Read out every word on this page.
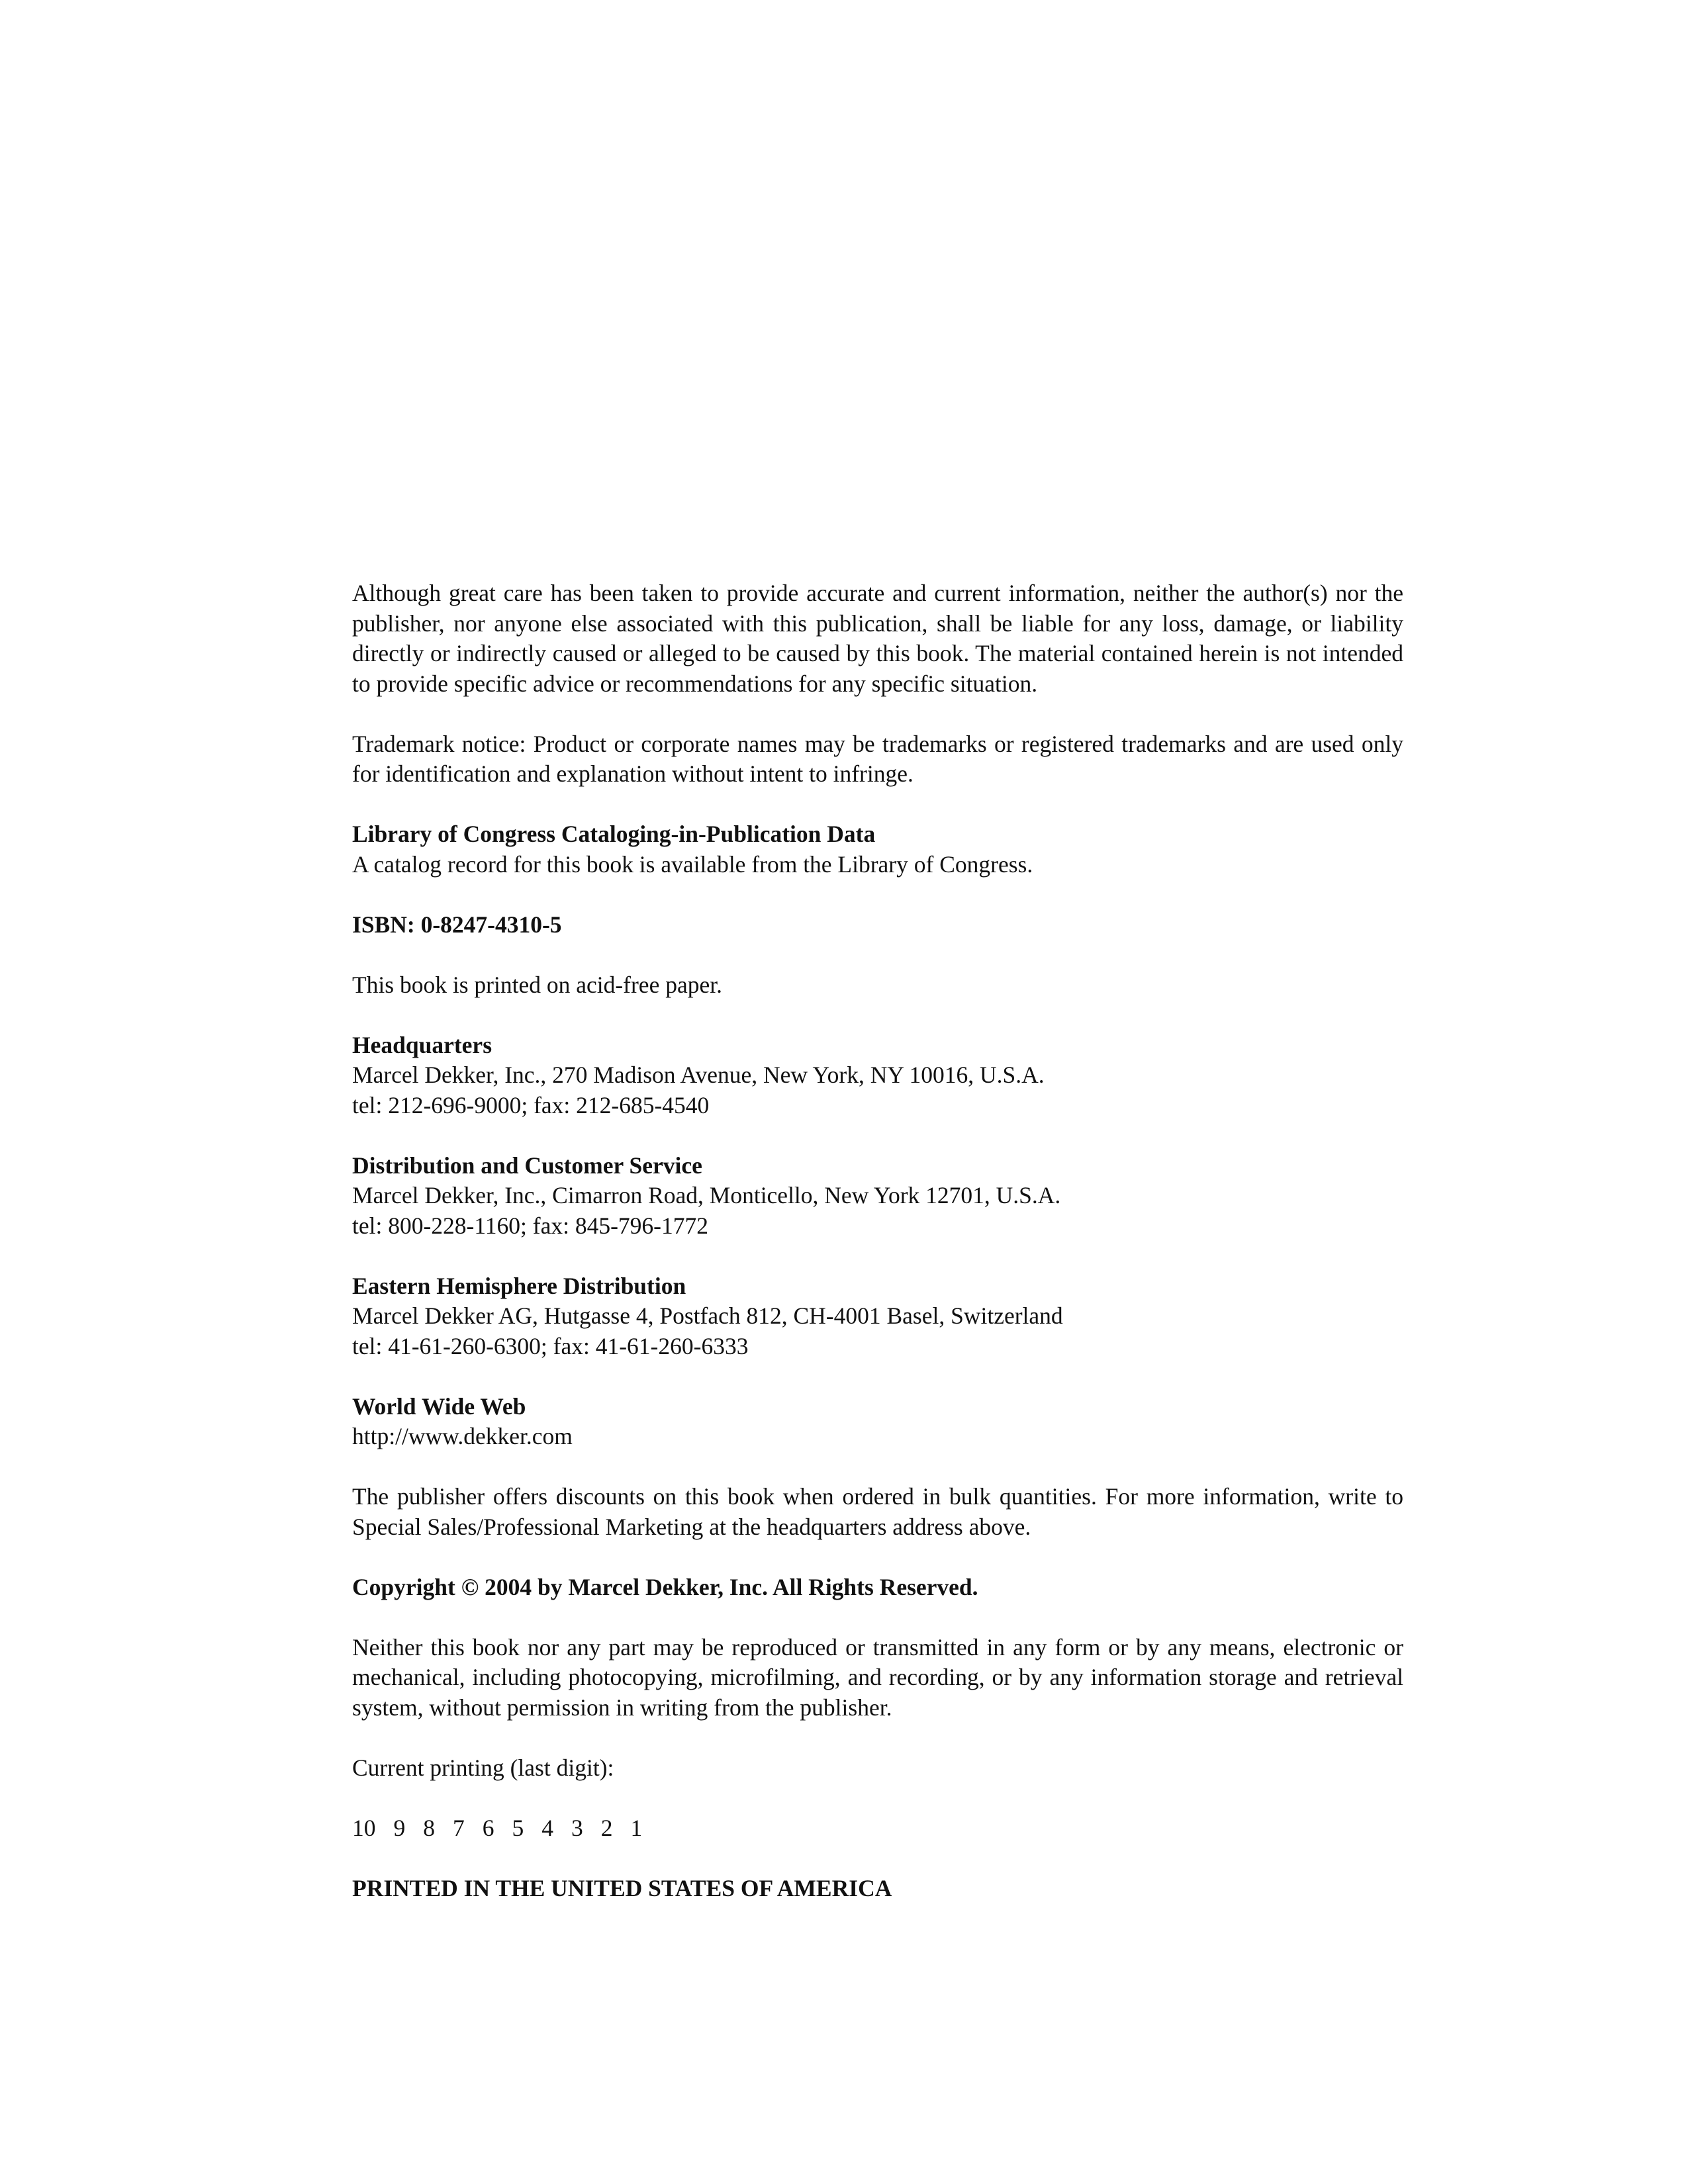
Although great care has been taken to provide accurate and current information, neither the author(s) nor the publisher, nor anyone else associated with this publication, shall be liable for any loss, damage, or liability directly or indirectly caused or alleged to be caused by this book. The material contained herein is not intended to provide specific advice or recommendations for any specific situation.

Trademark notice: Product or corporate names may be trademarks or registered trademarks and are used only for identification and explanation without intent to infringe.

Library of Congress Cataloging-in-Publication Data
A catalog record for this book is available from the Library of Congress.

ISBN: 0-8247-4310-5

This book is printed on acid-free paper.

Headquarters
Marcel Dekker, Inc., 270 Madison Avenue, New York, NY 10016, U.S.A.
tel: 212-696-9000; fax: 212-685-4540
Distribution and Customer Service
Marcel Dekker, Inc., Cimarron Road, Monticello, New York 12701, U.S.A.
tel: 800-228-1160; fax: 845-796-1772
Eastern Hemisphere Distribution
Marcel Dekker AG, Hutgasse 4, Postfach 812, CH-4001 Basel, Switzerland
tel: 41-61-260-6300; fax: 41-61-260-6333
World Wide Web
http://www.dekker.com

The publisher offers discounts on this book when ordered in bulk quantities. For more information, write to Special Sales/Professional Marketing at the headquarters address above.

Copyright © 2004 by Marcel Dekker, Inc. All Rights Reserved.

Neither this book nor any part may be reproduced or transmitted in any form or by any means, electronic or mechanical, including photocopying, microfilming, and recording, or by any information storage and retrieval system, without permission in writing from the publisher.

Current printing (last digit):

10 9 8 7 6 5 4 3 2 1

PRINTED IN THE UNITED STATES OF AMERICA
